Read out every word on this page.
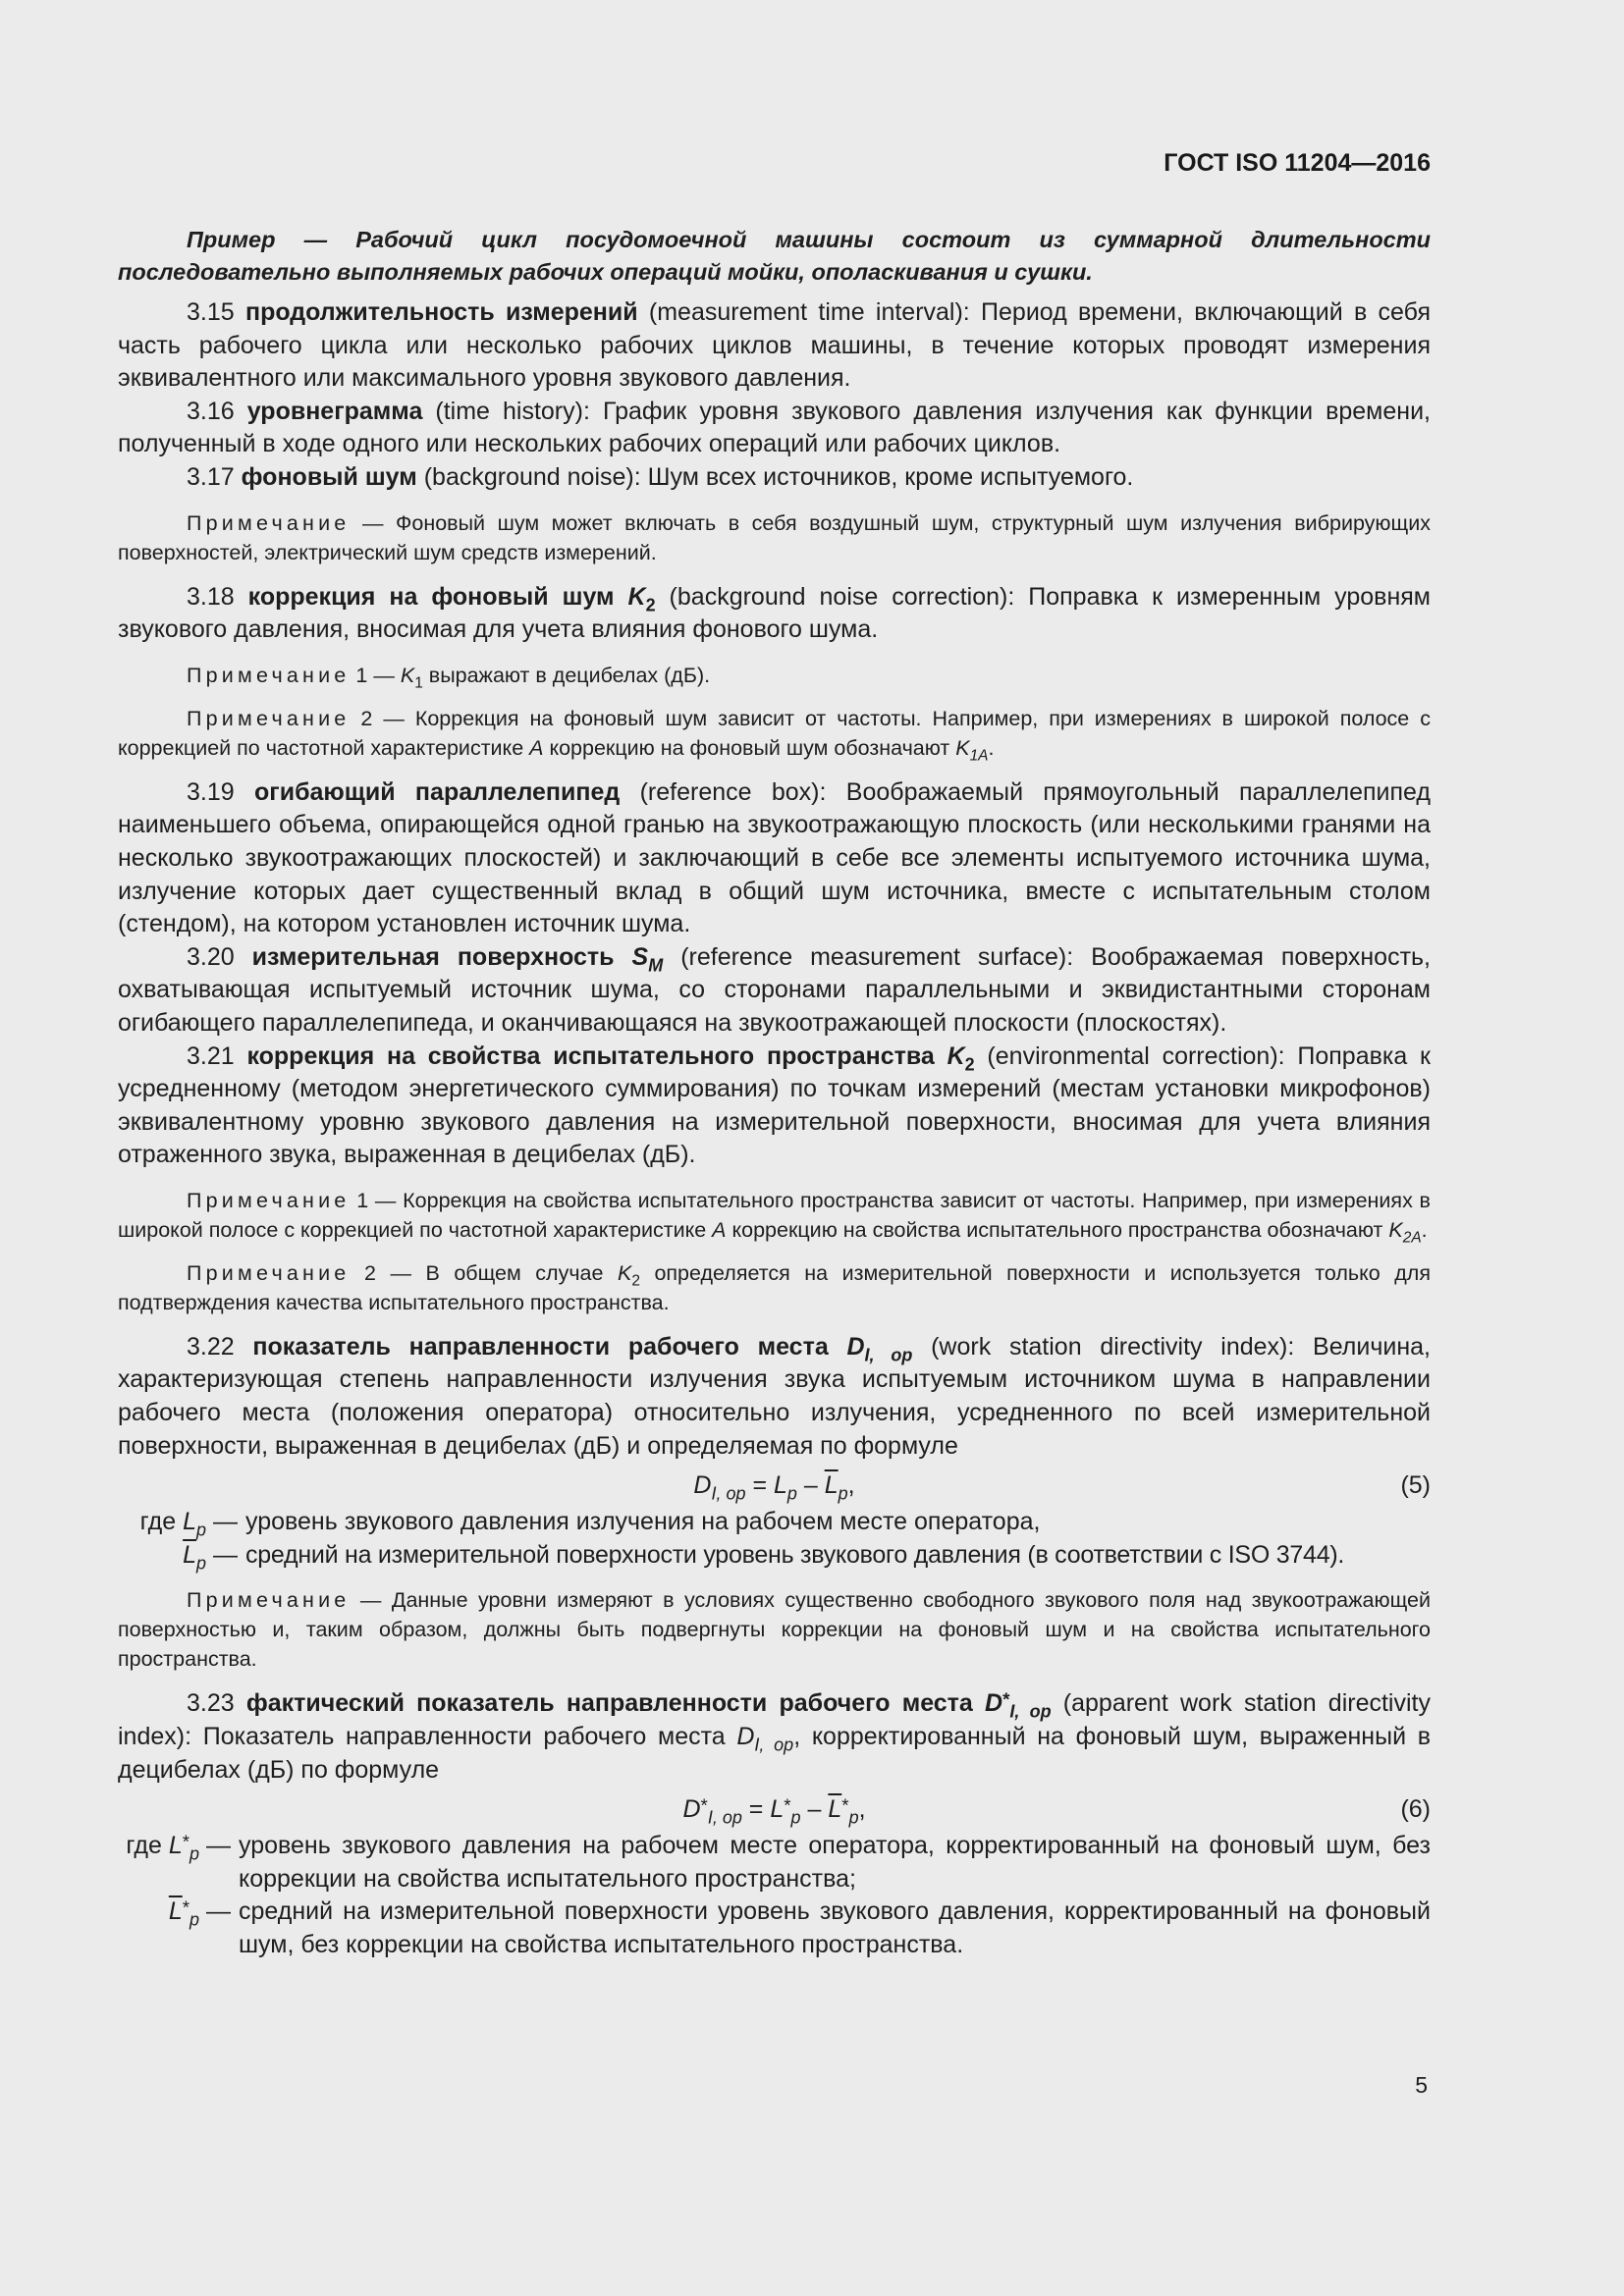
ГОСТ ISO 11204—2016
Пример — Рабочий цикл посудомоечной машины состоит из суммарной длительности последовательно выполняемых рабочих операций мойки, ополаскивания и сушки.

3.15 продолжительность измерений (measurement time interval): Период времени, включающий в себя часть рабочего цикла или несколько рабочих циклов машины, в течение которых проводят измерения эквивалентного или максимального уровня звукового давления.

3.16 уровнеграмма (time history): График уровня звукового давления излучения как функции времени, полученный в ходе одного или нескольких рабочих операций или рабочих циклов.

3.17 фоновый шум (background noise): Шум всех источников, кроме испытуемого.

Примечание — Фоновый шум может включать в себя воздушный шум, структурный шум излучения вибрирующих поверхностей, электрический шум средств измерений.

3.18 коррекция на фоновый шум $K_2$ (background noise correction): Поправка к измеренным уровням звукового давления, вносимая для учета влияния фонового шума.

Примечание 1 — $K_1$ выражают в децибелах (дБ).

Примечание 2 — Коррекция на фоновый шум зависит от частоты. Например, при измерениях в широкой полосе с коррекцией по частотной характеристике A коррекцию на фоновый шум обозначают $K_{1A}$.

3.19 огибающий параллелепипед (reference box): Воображаемый прямоугольный параллелепипед наименьшего объема, опирающейся одной гранью на звукоотражающую плоскость (или несколькими гранями на несколько звукоотражающих плоскостей) и заключающий в себе все элементы испытуемого источника шума, излучение которых дает существенный вклад в общий шум источника, вместе с испытательным столом (стендом), на котором установлен источник шума.

3.20 измерительная поверхность $S_M$ (reference measurement surface): Воображаемая поверхность, охватывающая испытуемый источник шума, со сторонами параллельными и эквидистантными сторонам огибающего параллелепипеда, и оканчивающаяся на звукоотражающей плоскости (плоскостях).

3.21 коррекция на свойства испытательного пространства $K_2$ (environmental correction): Поправка к усредненному (методом энергетического суммирования) по точкам измерений (местам установки микрофонов) эквивалентному уровню звукового давления на измерительной поверхности, вносимая для учета влияния отраженного звука, выраженная в децибелах (дБ).

Примечание 1 — Коррекция на свойства испытательного пространства зависит от частоты. Например, при измерениях в широкой полосе с коррекцией по частотной характеристике A коррекцию на свойства испытательного пространства обозначают $K_{2A}$.

Примечание 2 — В общем случае $K_2$ определяется на измерительной поверхности и используется только для подтверждения качества испытательного пространства.

3.22 показатель направленности рабочего места $D_{I, op}$ (work station directivity index): Величина, характеризующая степень направленности излучения звука испытуемым источником шума в направлении рабочего места (положения оператора) относительно излучения, усредненного по всей измерительной поверхности, выраженная в децибелах (дБ) и определяемая по формуле

$D_{I, op} = L_p - \overline{L}_p$,	(5)
где $L_p$ —	уровень звукового давления излучения на рабочем месте оператора,
$\overline{L}_p$ —	средний на измерительной поверхности уровень звукового давления (в соответствии с ISO 3744).

Примечание — Данные уровни измеряют в условиях существенно свободного звукового поля над звукоотражающей поверхностью и, таким образом, должны быть подвергнуты коррекции на фоновый шум и на свойства испытательного пространства.

3.23 фактический показатель направленности рабочего места $D^*_{I, op}$ (apparent work station directivity index): Показатель направленности рабочего места $D_{I, op}$, корректированный на фоновый шум, выраженный в децибелах (дБ) по формуле

$D^*_{I, op} = L^*_p - \overline{L}^*_p$,	(6)
где $L^*_p$ —	уровень звукового давления на рабочем месте оператора, корректированный на фоновый шум, без коррекции на свойства испытательного пространства;
$\overline{L}^*_p$ —	средний на измерительной поверхности уровень звукового давления, корректированный на фоновый шум, без коррекции на свойства испытательного пространства.
5
